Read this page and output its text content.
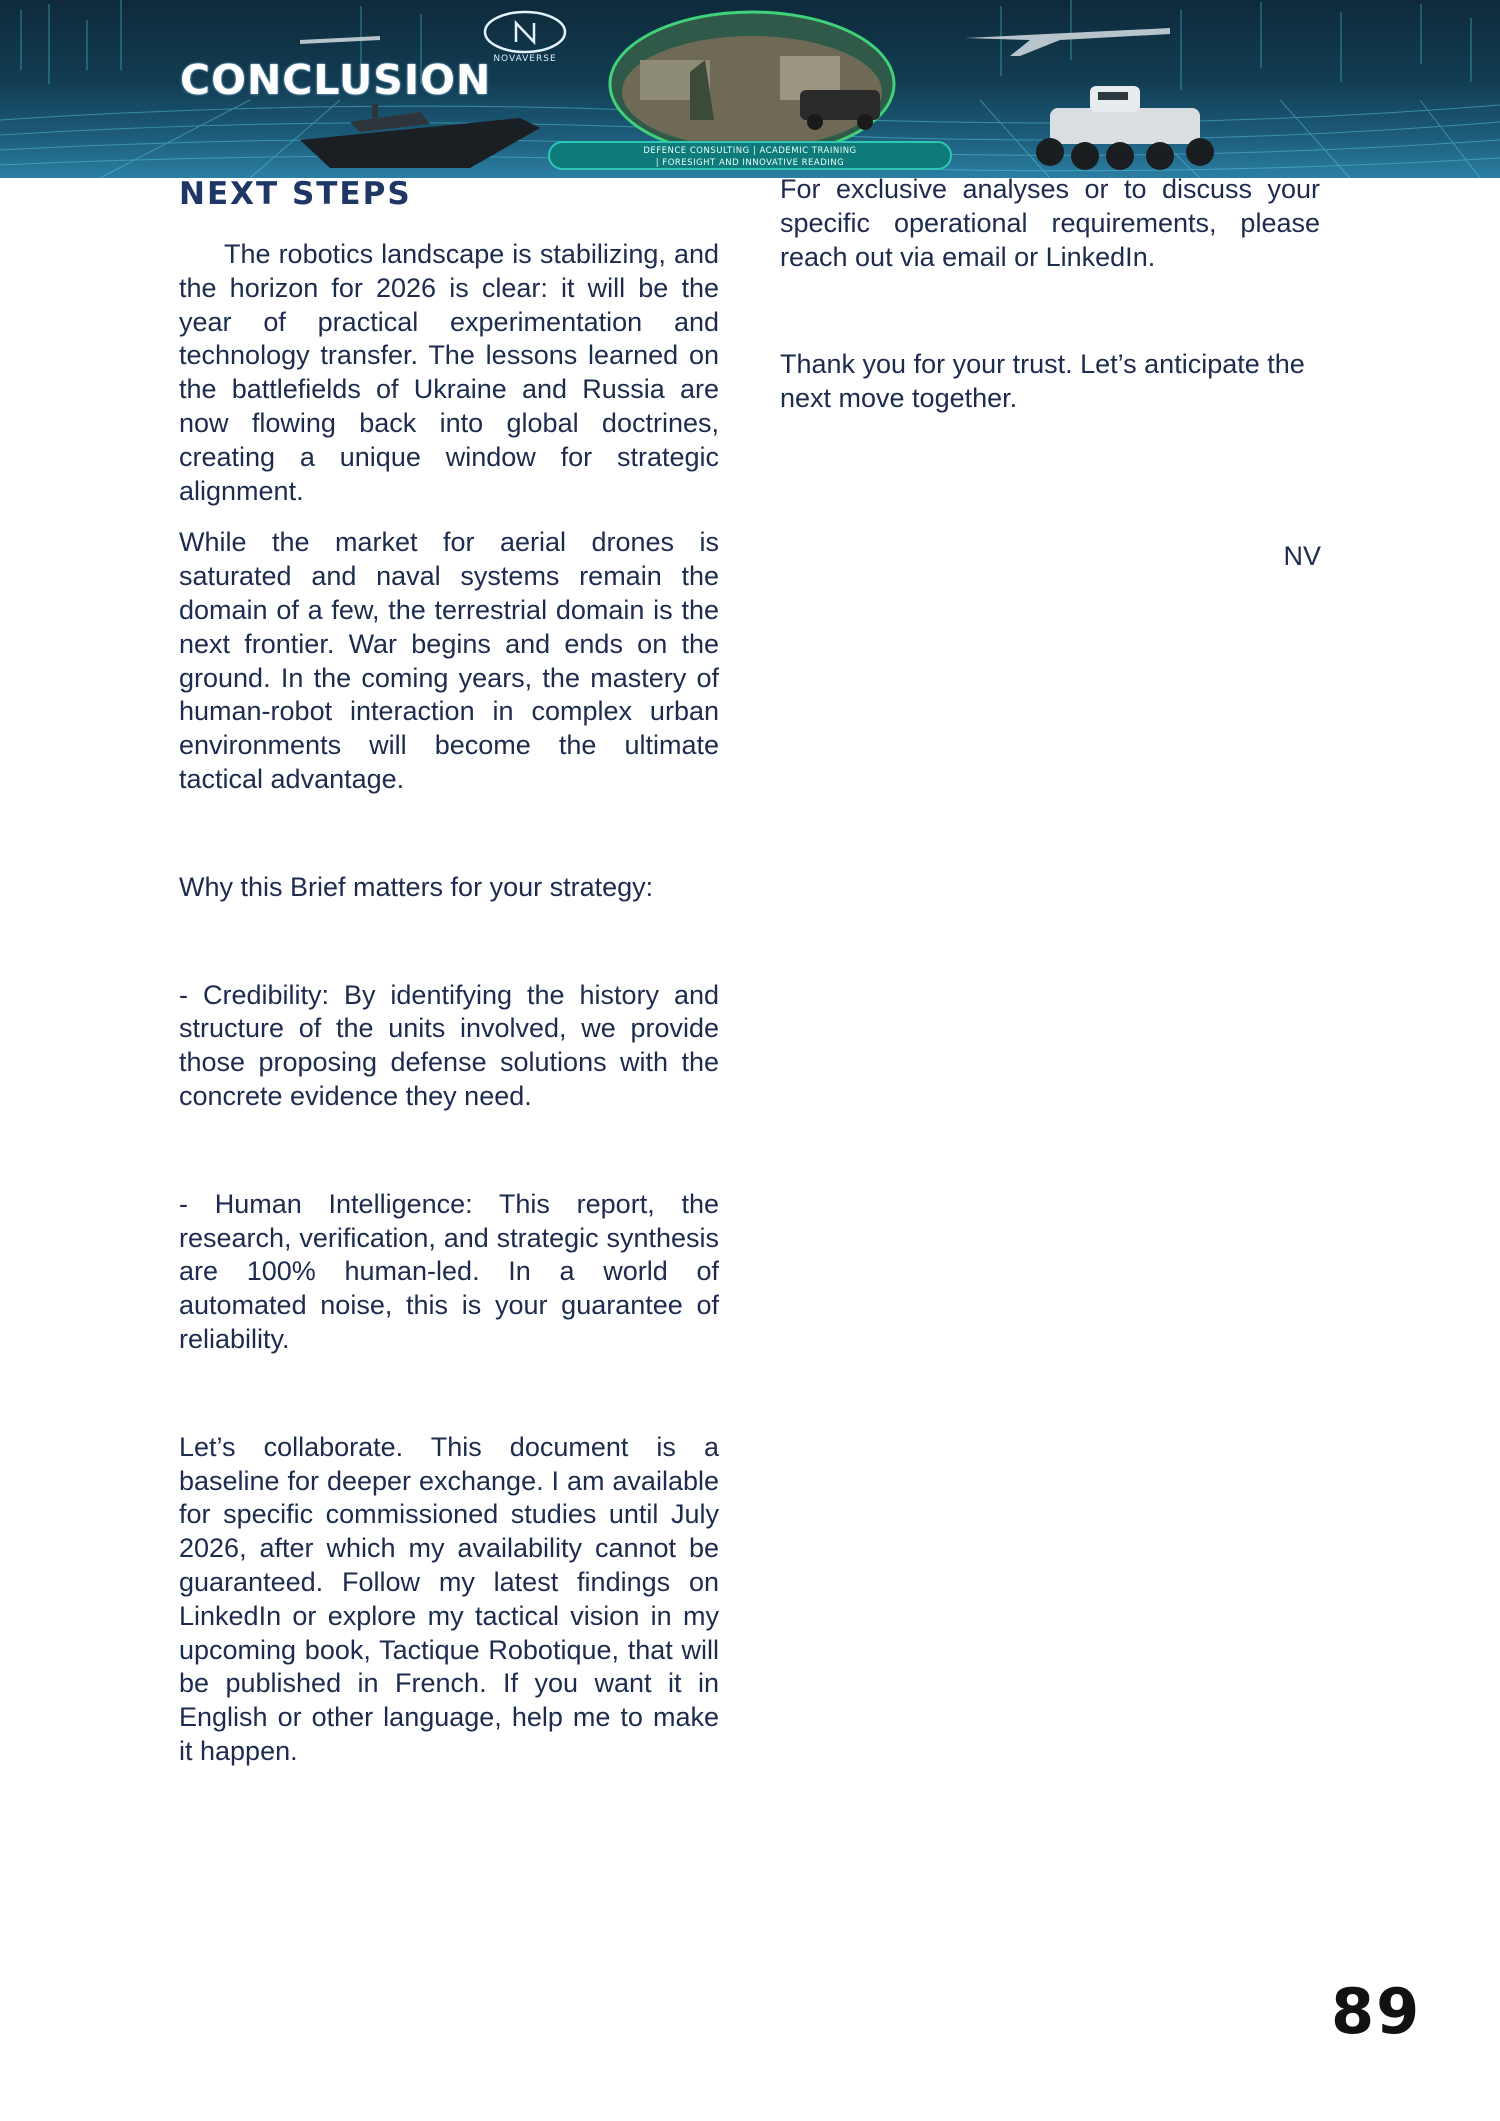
NOVAVERSE
CONCLUSION
DEFENCE CONSULTING | ACADEMIC TRAINING
| FORESIGHT AND INNOVATIVE READING
NEXT STEPS

The robotics landscape is stabilizing, and the horizon for 2026 is clear: it will be the year of practical experimentation and technology transfer. The lessons learned on the battlefields of Ukraine and Russia are now flowing back into global doctrines, creating a unique window for strategic alignment.

While the market for aerial drones is saturated and naval systems remain the domain of a few, the terrestrial domain is the next frontier. War begins and ends on the ground. In the coming years, the mastery of human-robot interaction in complex urban environments will become the ultimate tactical advantage.

Why this Brief matters for your strategy:

- Credibility: By identifying the history and structure of the units involved, we provide those proposing defense solutions with the concrete evidence they need.

- Human Intelligence: This report, the research, verification, and strategic synthesis are 100% human-led. In a world of automated noise, this is your guarantee of reliability.

Let’s collaborate. This document is a baseline for deeper exchange. I am available for specific commissioned studies until July 2026, after which my availability cannot be guaranteed. Follow my latest findings on LinkedIn or explore my tactical vision in my upcoming book, Tactique Robotique, that will be published in French. If you want it in English or other language, help me to make it happen.

For exclusive analyses or to discuss your specific operational requirements, please reach out via email or LinkedIn.

Thank you for your trust. Let’s anticipate the next move together.

NV
89
